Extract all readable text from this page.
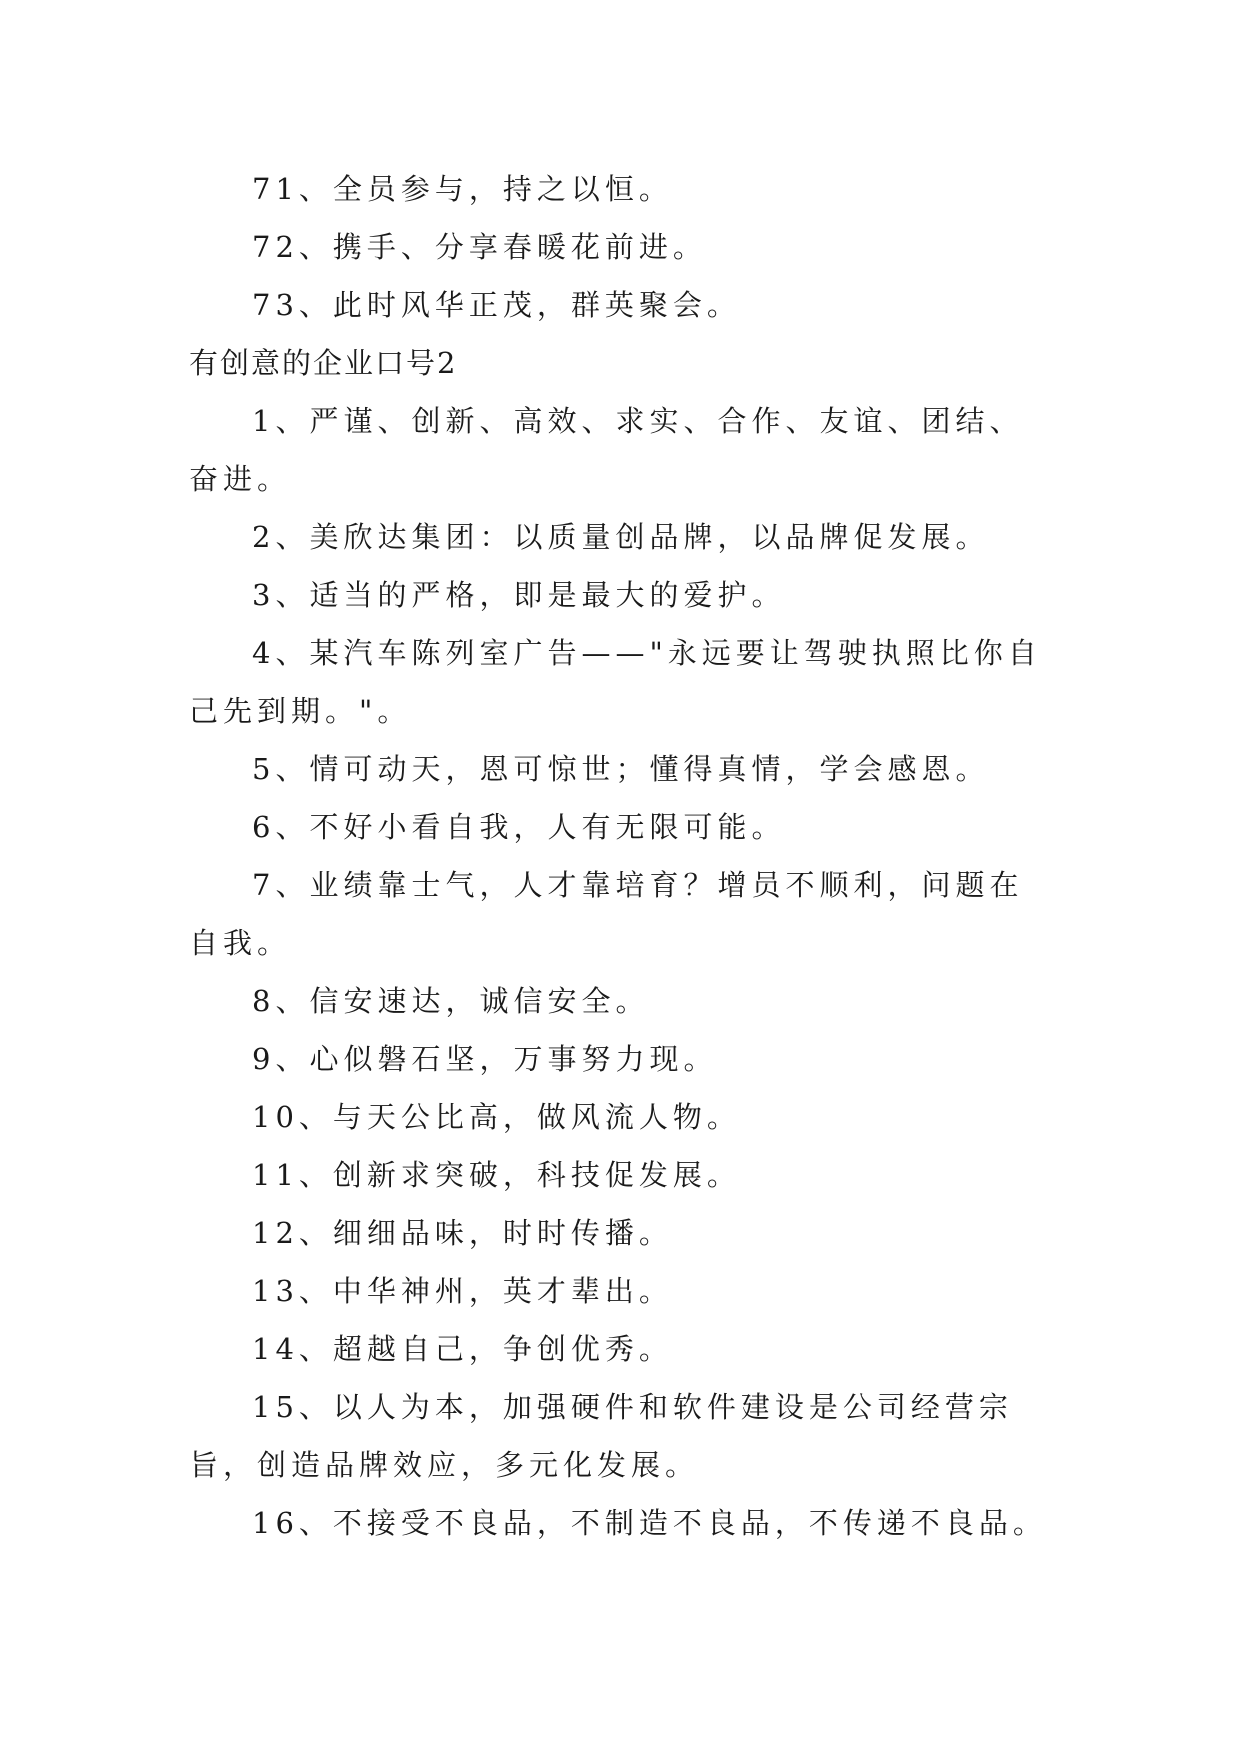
71、全员参与，持之以恒。

72、携手、分享春暖花前进。

73、此时风华正茂，群英聚会。

有创意的企业口号2

1、严谨、创新、高效、求实、合作、友谊、团结、奋进。

2、美欣达集团：以质量创品牌，以品牌促发展。

3、适当的严格，即是最大的爱护。

4、某汽车陈列室广告——"永远要让驾驶执照比你自己先到期。"。

5、情可动天，恩可惊世；懂得真情，学会感恩。

6、不好小看自我，人有无限可能。

7、业绩靠士气，人才靠培育？增员不顺利，问题在自我。

8、信安速达，诚信安全。

9、心似磐石坚，万事努力现。

10、与天公比高，做风流人物。

11、创新求突破，科技促发展。

12、细细品味，时时传播。

13、中华神州，英才辈出。

14、超越自己，争创优秀。

15、以人为本，加强硬件和软件建设是公司经营宗旨，创造品牌效应，多元化发展。

16、不接受不良品，不制造不良品，不传递不良品。
